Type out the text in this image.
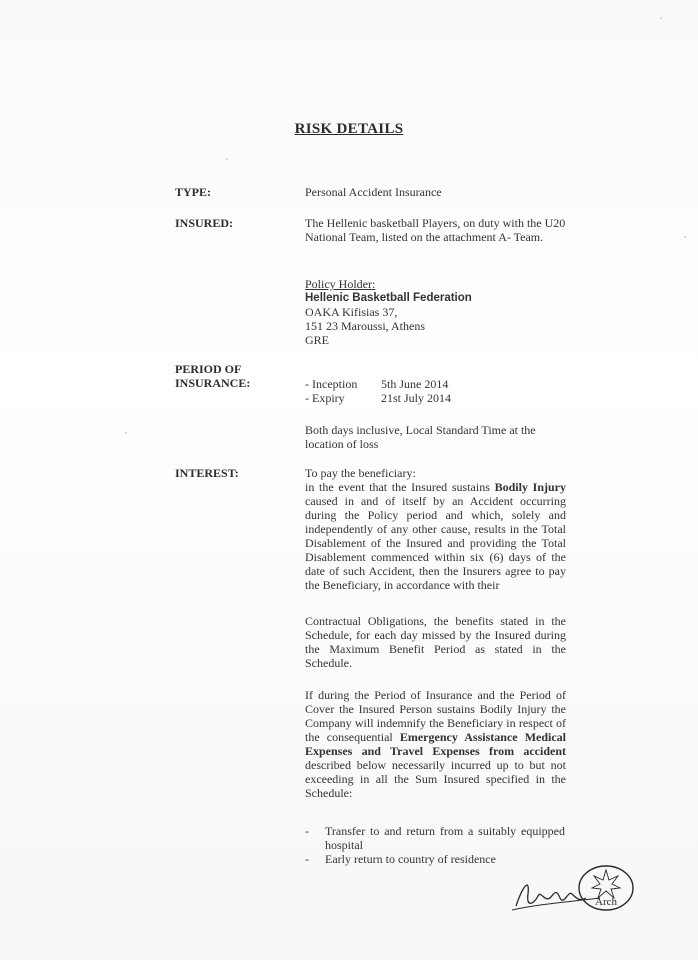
RISK DETAILS
TYPE:	Personal Accident Insurance
INSURED:	The Hellenic basketball Players, on duty with the U20 National Team, listed on the attachment A- Team.
Policy Holder:
Hellenic Basketball Federation
OAKA Kifisias 37,
151 23 Maroussi, Athens
GRE
PERIOD OF
INSURANCE:	- Inception	5th June 2014
- Expiry	21st July 2014
Both days inclusive, Local Standard Time at the location of loss
INTEREST:	To pay the beneficiary:
in the event that the Insured sustains Bodily Injury caused in and of itself by an Accident occurring during the Policy period and which, solely and independently of any other cause, results in the Total Disablement of the Insured and providing the Total Disablement commenced within six (6) days of the date of such Accident, then the Insurers agree to pay the Beneficiary, in accordance with their
Contractual Obligations, the benefits stated in the Schedule, for each day missed by the Insured during the Maximum Benefit Period as stated in the Schedule.
If during the Period of Insurance and the Period of Cover the Insured Person sustains Bodily Injury the Company will indemnify the Beneficiary in respect of the consequential Emergency Assistance Medical Expenses and Travel Expenses from accident described below necessarily incurred up to but not exceeding in all the Sum Insured specified in the Schedule:
- Transfer to and return from a suitably equipped hospital
- Early return to country of residence
Arch
